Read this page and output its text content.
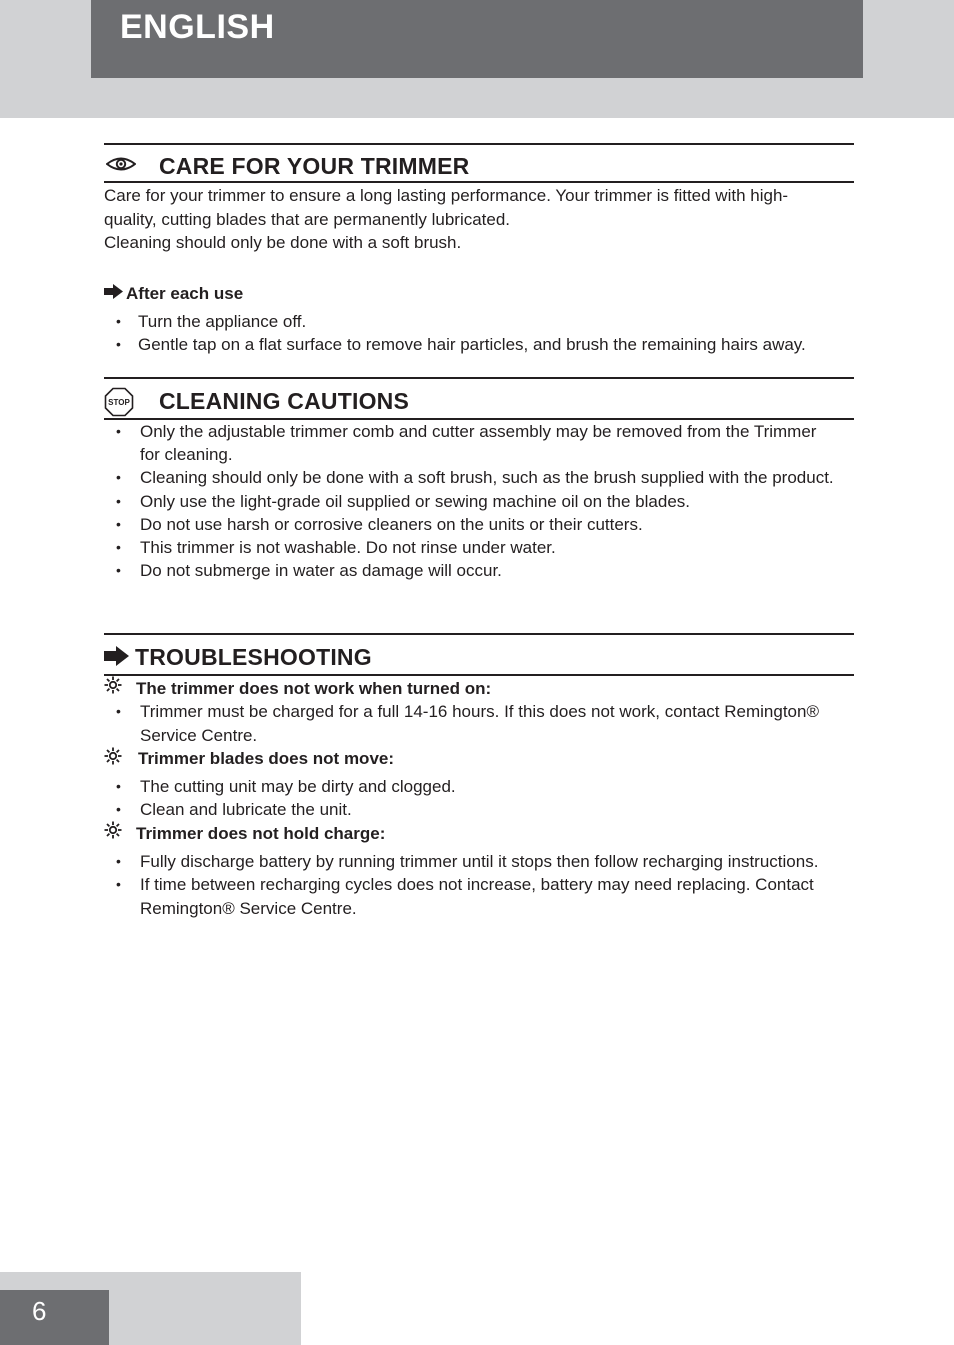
ENGLISH
CARE FOR YOUR TRIMMER

Care for your trimmer to ensure a long lasting performance. Your trimmer is fitted with high-quality, cutting blades that are permanently lubricated.

Cleaning should only be done with a soft brush.

After each use
• Turn the appliance off.
• Gentle tap on a flat surface to remove hair particles, and brush the remaining hairs away.
STOP CLEANING CAUTIONS
• Only the adjustable trimmer comb and cutter assembly may be removed from the Trimmer for cleaning.
• Cleaning should only be done with a soft brush, such as the brush supplied with the product.
• Only use the light-grade oil supplied or sewing machine oil on the blades.
• Do not use harsh or corrosive cleaners on the units or their cutters.
• This trimmer is not washable. Do not rinse under water.
• Do not submerge in water as damage will occur.
TROUBLESHOOTING
The trimmer does not work when turned on:
• Trimmer must be charged for a full 14-16 hours. If this does not work, contact Remington® Service Centre.
Trimmer blades does not move:
• The cutting unit may be dirty and clogged.
• Clean and lubricate the unit.
Trimmer does not hold charge:
• Fully discharge battery by running trimmer until it stops then follow recharging instructions.
• If time between recharging cycles does not increase, battery may need replacing. Contact Remington® Service Centre.
6
